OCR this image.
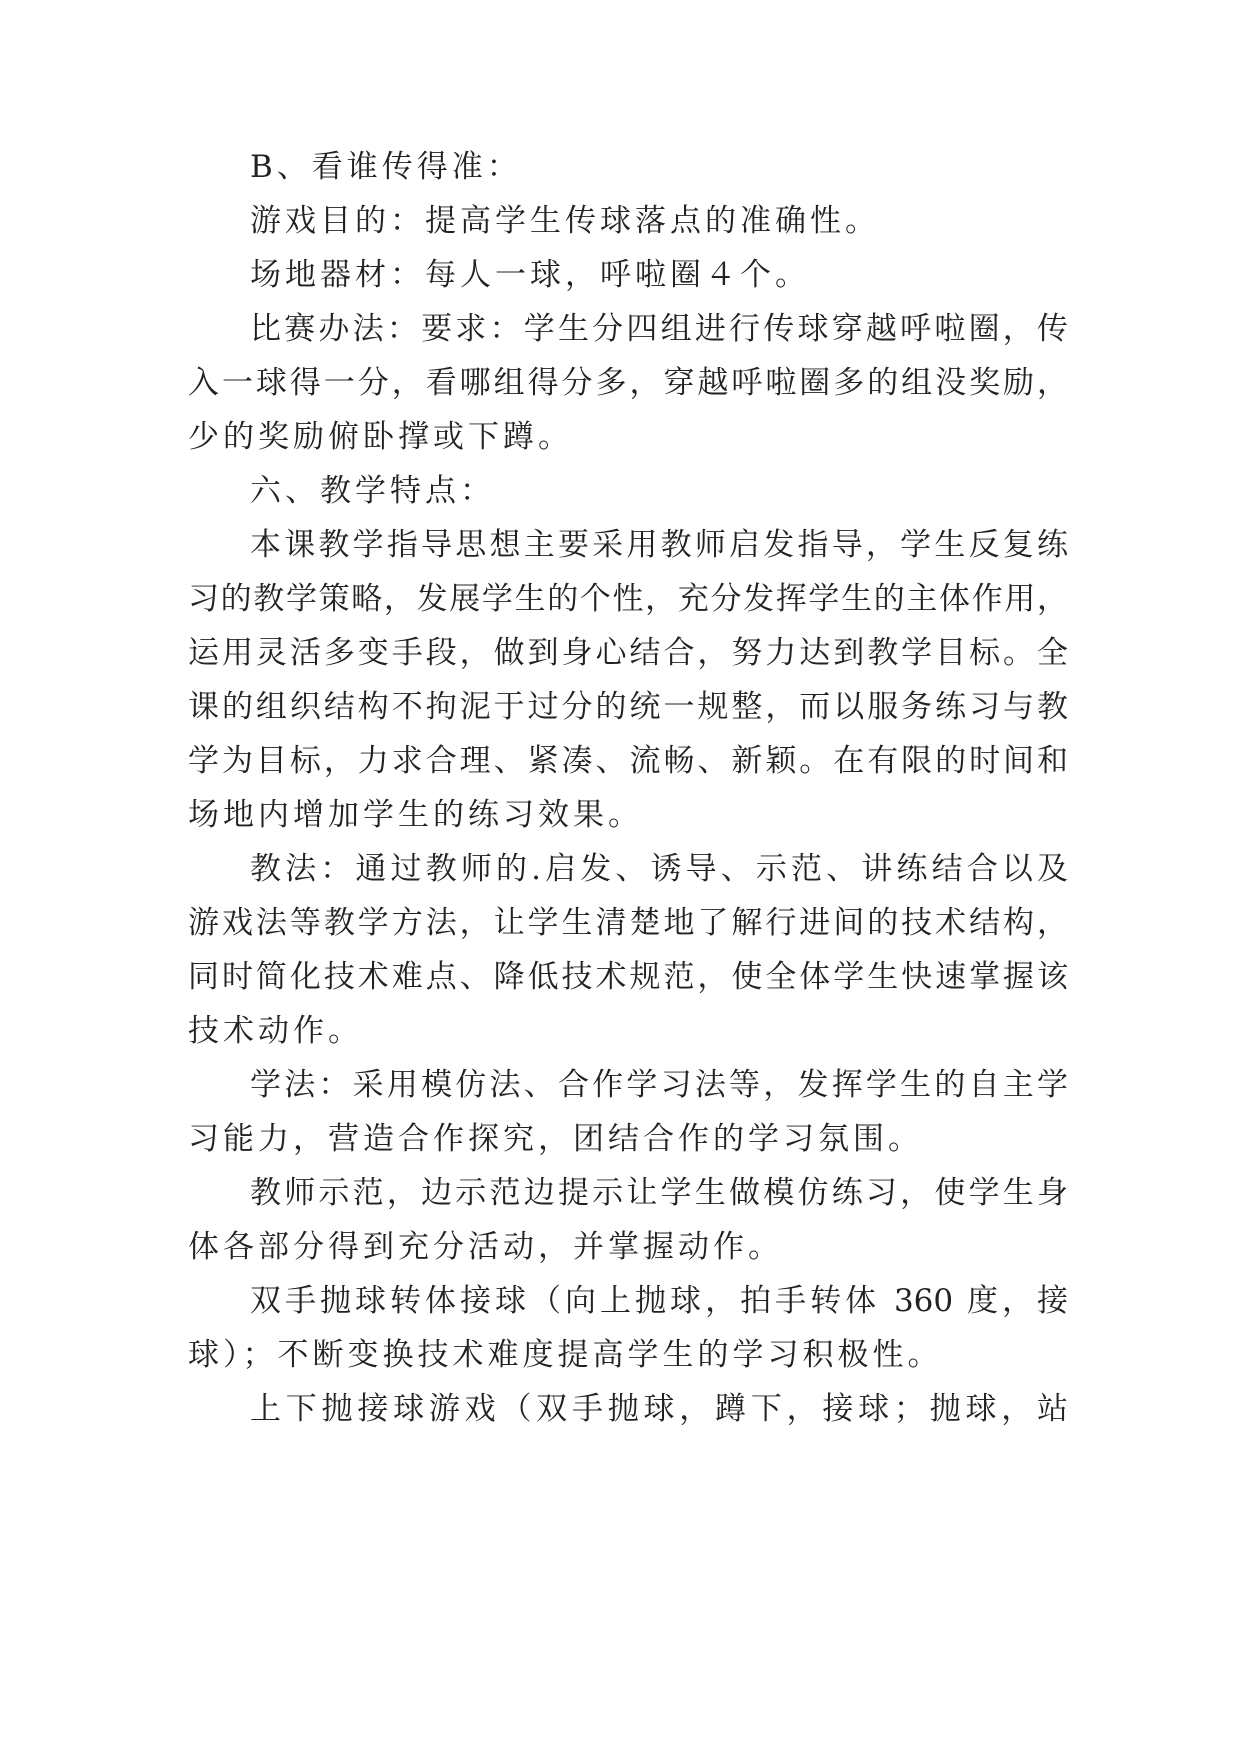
B、看谁传得准：
游戏目的：提高学生传球落点的准确性。
场地器材：每人一球，呼啦圈４个。
比赛办法：要求：学生分四组进行传球穿越呼啦圈，传
入一球得一分，看哪组得分多，穿越呼啦圈多的组没奖励，
少的奖励俯卧撑或下蹲。
六、教学特点：
本课教学指导思想主要采用教师启发指导，学生反复练
习的教学策略，发展学生的个性，充分发挥学生的主体作用，
运用灵活多变手段，做到身心结合，努力达到教学目标。全
课的组织结构不拘泥于过分的统一规整，而以服务练习与教
学为目标，力求合理、紧凑、流畅、新颖。在有限的时间和
场地内增加学生的练习效果。
教法：通过教师的.启发、诱导、示范、讲练结合以及
游戏法等教学方法，让学生清楚地了解行进间的技术结构，
同时简化技术难点、降低技术规范，使全体学生快速掌握该
技术动作。
学法：采用模仿法、合作学习法等，发挥学生的自主学
习能力，营造合作探究，团结合作的学习氛围。
教师示范，边示范边提示让学生做模仿练习，使学生身
体各部分得到充分活动，并掌握动作。
双手抛球转体接球（向上抛球，拍手转体 360 度，接
球）；不断变换技术难度提高学生的学习积极性。
上下抛接球游戏（双手抛球，蹲下，接球；抛球，站
